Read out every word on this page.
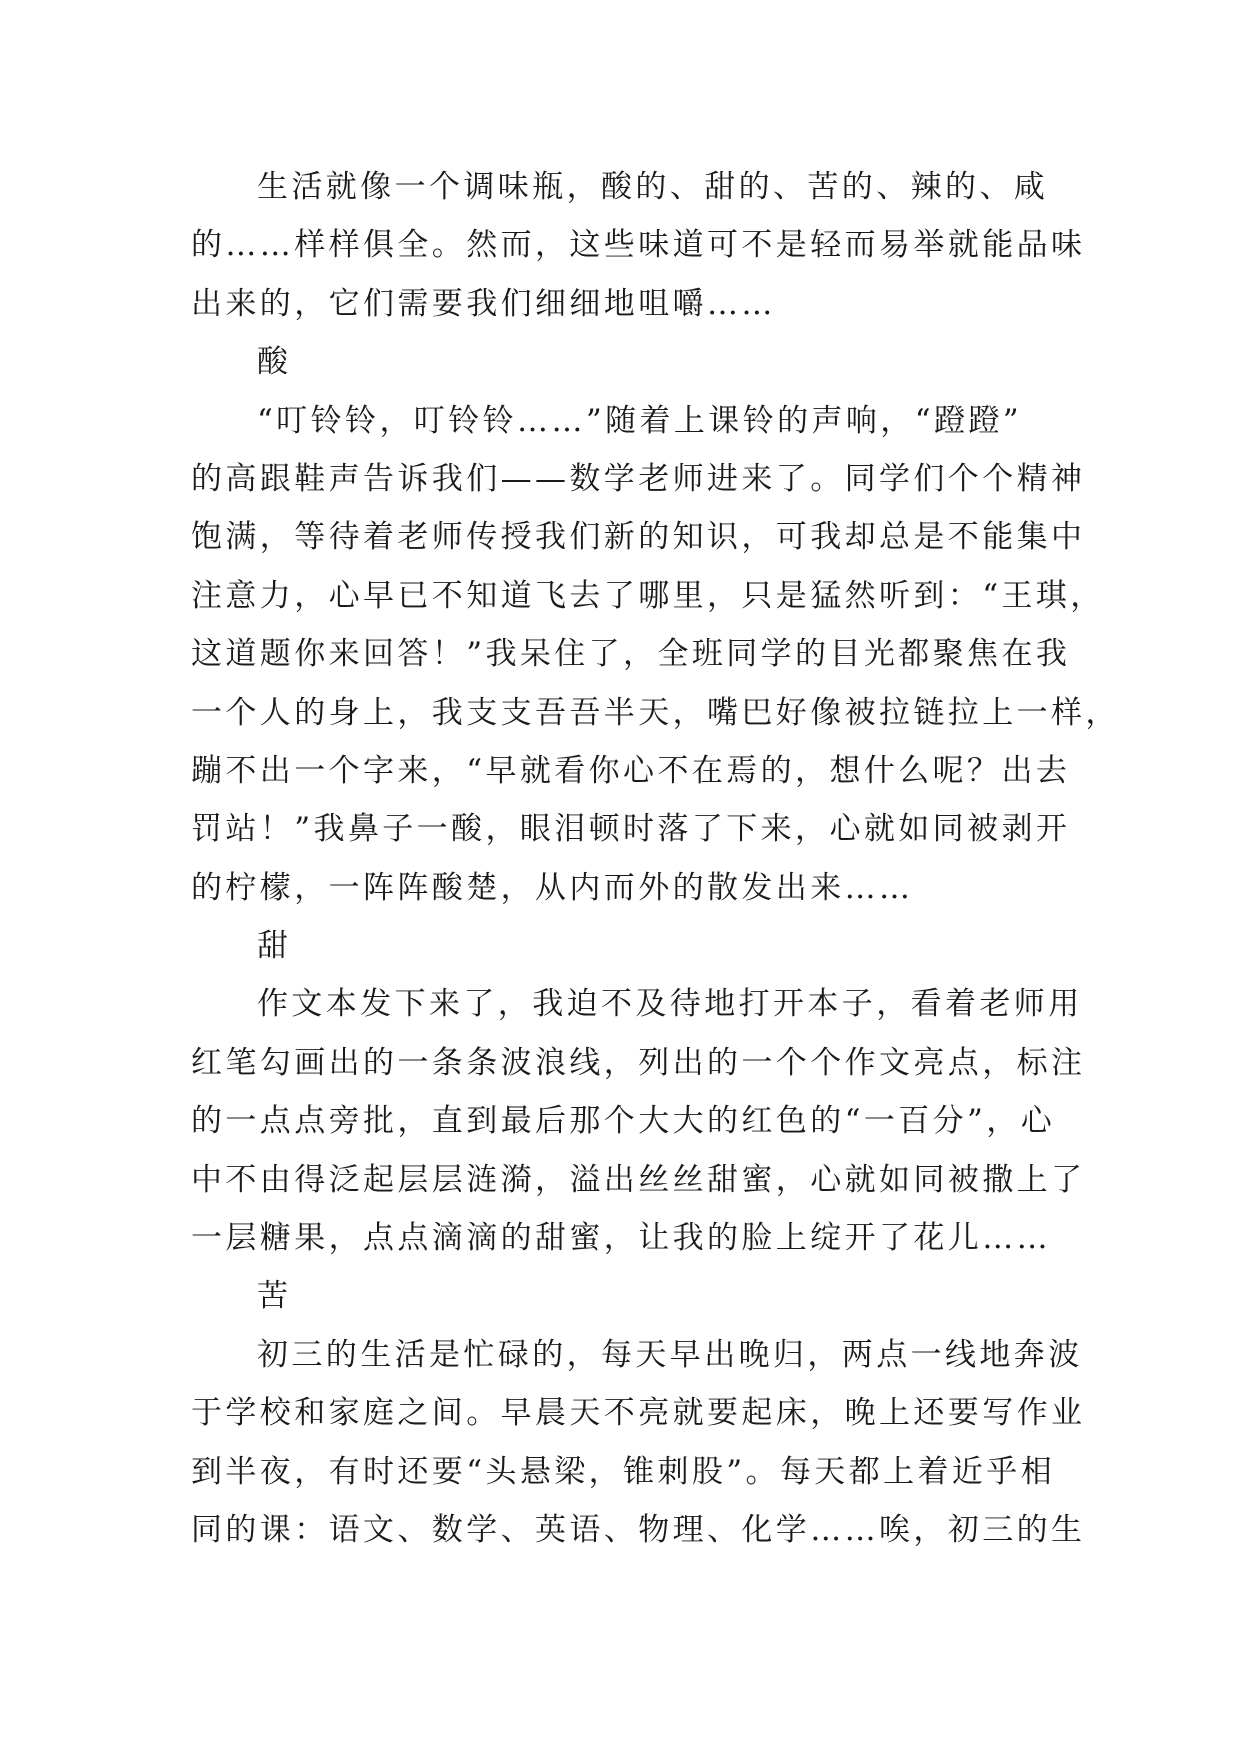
生活就像一个调味瓶，酸的、甜的、苦的、辣的、咸
的……样样俱全。然而，这些味道可不是轻而易举就能品味
出来的，它们需要我们细细地咀嚼……
酸
“叮铃铃，叮铃铃……”随着上课铃的声响，“蹬蹬”
的高跟鞋声告诉我们——数学老师进来了。同学们个个精神
饱满，等待着老师传授我们新的知识，可我却总是不能集中
注意力，心早已不知道飞去了哪里，只是猛然听到：“王琪，
这道题你来回答！”我呆住了，全班同学的目光都聚焦在我
一个人的身上，我支支吾吾半天，嘴巴好像被拉链拉上一样，
蹦不出一个字来，“早就看你心不在焉的，想什么呢？出去
罚站！”我鼻子一酸，眼泪顿时落了下来，心就如同被剥开
的柠檬，一阵阵酸楚，从内而外的散发出来……
甜
作文本发下来了，我迫不及待地打开本子，看着老师用
红笔勾画出的一条条波浪线，列出的一个个作文亮点，标注
的一点点旁批，直到最后那个大大的红色的“一百分”，心
中不由得泛起层层涟漪，溢出丝丝甜蜜，心就如同被撒上了
一层糖果，点点滴滴的甜蜜，让我的脸上绽开了花儿……
苦
初三的生活是忙碌的，每天早出晚归，两点一线地奔波
于学校和家庭之间。早晨天不亮就要起床，晚上还要写作业
到半夜，有时还要“头悬梁，锥刺股”。每天都上着近乎相
同的课：语文、数学、英语、物理、化学……唉，初三的生
